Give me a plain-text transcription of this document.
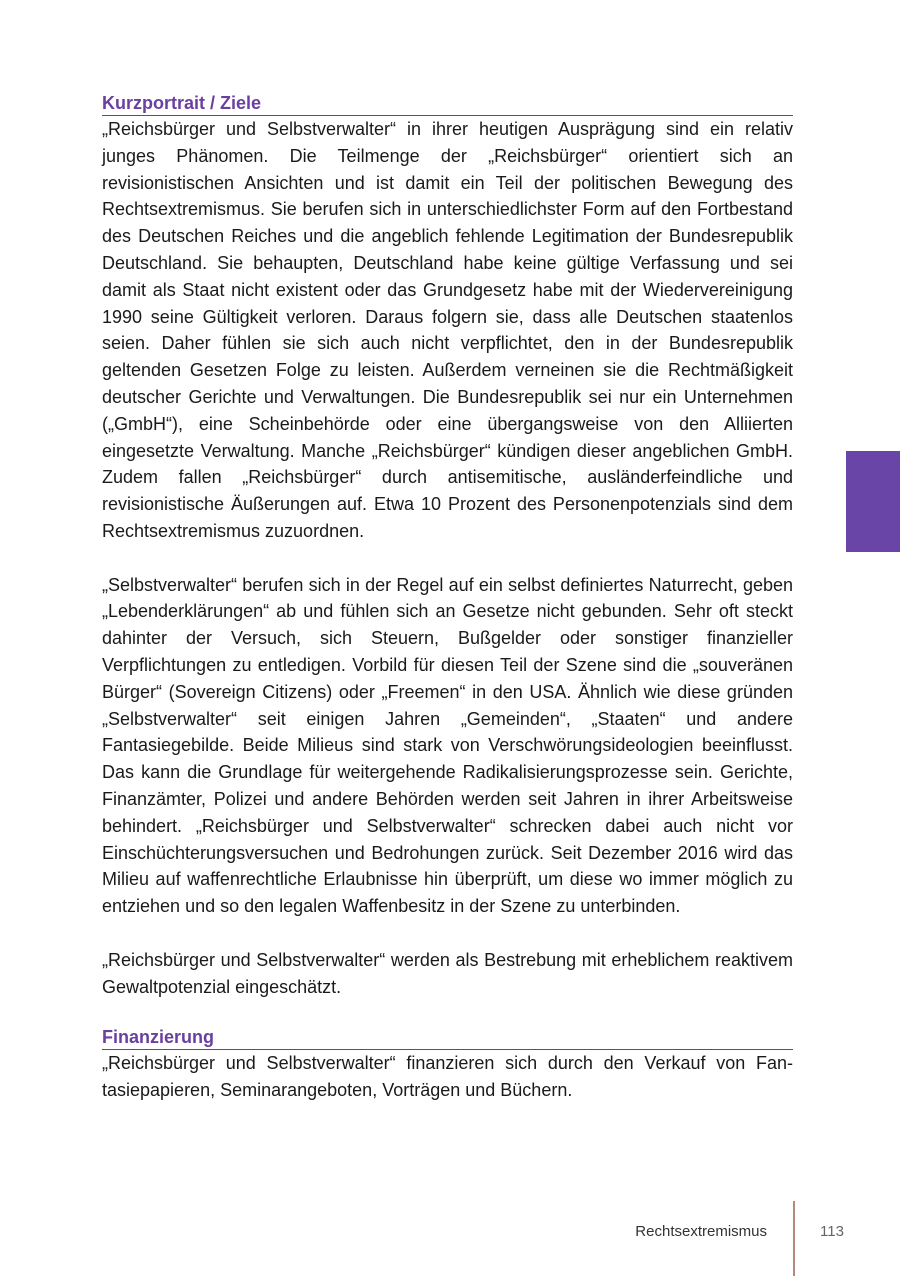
Kurzportrait / Ziele

„Reichsbürger und Selbstverwalter“ in ihrer heutigen Ausprägung sind ein relativ junges Phänomen. Die Teilmenge der „Reichsbürger“ orientiert sich an revisionistischen Ansichten und ist damit ein Teil der politischen Bewegung des Rechtsextremismus. Sie berufen sich in unterschiedlichster Form auf den Fortbestand des Deutschen Reiches und die angeblich fehlende Legitimation der Bundesrepublik Deutschland. Sie behaupten, Deutschland habe keine gültige Verfassung und sei damit als Staat nicht existent oder das Grundgesetz habe mit der Wiedervereinigung 1990 seine Gültigkeit verloren. Daraus folgern sie, dass alle Deutschen staatenlos seien. Daher fühlen sie sich auch nicht verpflichtet, den in der Bundesrepublik geltenden Gesetzen Folge zu leisten. Außerdem verneinen sie die Rechtmäßigkeit deutscher Gerichte und Verwaltungen. Die Bundesrepublik sei nur ein Unternehmen („GmbH“), eine Scheinbehörde oder eine übergangsweise von den Alliierten eingesetzte Verwaltung. Manche „Reichsbürger“ kündigen dieser angeblichen GmbH. Zudem fallen „Reichsbürger“ durch antisemitische, ausländerfeindliche und revisionistische Äußerungen auf. Etwa 10 Prozent des Personenpotenzials sind dem Rechtsextremismus zuzuordnen.

„Selbstverwalter“ berufen sich in der Regel auf ein selbst definiertes Naturrecht, geben „Lebenderklärungen“ ab und fühlen sich an Gesetze nicht gebunden. Sehr oft steckt dahinter der Versuch, sich Steuern, Bußgelder oder sonstiger finanzieller Verpflichtungen zu entledigen. Vorbild für diesen Teil der Szene sind die „souveränen Bürger“ (Sovereign Citizens) oder „Freemen“ in den USA. Ähnlich wie diese gründen „Selbstverwalter“ seit einigen Jahren „Gemeinden“, „Staaten“ und andere Fantasiegebilde. Beide Milieus sind stark von Verschwörungsideologien beeinflusst. Das kann die Grundlage für weitergehende Radikalisierungsprozesse sein. Gerichte, Finanzämter, Polizei und andere Behörden werden seit Jahren in ihrer Arbeitsweise behindert. „Reichsbürger und Selbstverwalter“ schrecken dabei auch nicht vor Einschüchterungsversuchen und Bedrohungen zurück. Seit Dezember 2016 wird das Milieu auf waffenrechtliche Erlaubnisse hin überprüft, um diese wo immer möglich zu entziehen und so den legalen Waffenbesitz in der Szene zu unterbinden.

„Reichsbürger und Selbstverwalter“ werden als Bestrebung mit erheblichem reaktivem Gewaltpotenzial eingeschätzt.

Finanzierung

„Reichsbürger und Selbstverwalter“ finanzieren sich durch den Verkauf von Fantasiepapieren, Seminarangeboten, Vorträgen und Büchern.

Rechtsextremismus	113
